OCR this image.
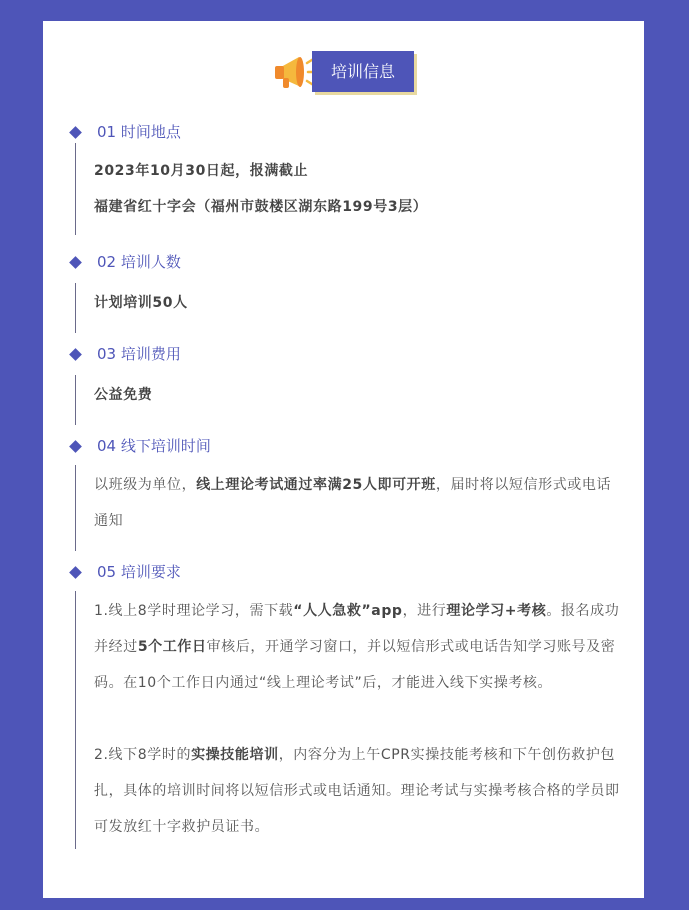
培训信息
01 时间地点
2023年10月30日起，报满截止
福建省红十字会（福州市鼓楼区湖东路199号3层）
02 培训人数
计划培训50人
03 培训费用
公益免费
04 线下培训时间
以班级为单位，线上理论考试通过率满25人即可开班，届时将以短信形式或电话通知
05 培训要求
1.线上8学时理论学习，需下载“人人急救”app，进行理论学习+考核。报名成功并经过5个工作日审核后，开通学习窗口，并以短信形式或电话告知学习账号及密码。在10个工作日内通过“线上理论考试”后，才能进入线下实操考核。
2.线下8学时的实操技能培训，内容分为上午CPR实操技能考核和下午创伤救护包扎，具体的培训时间将以短信形式或电话通知。理论考试与实操考核合格的学员即可发放红十字救护员证书。
